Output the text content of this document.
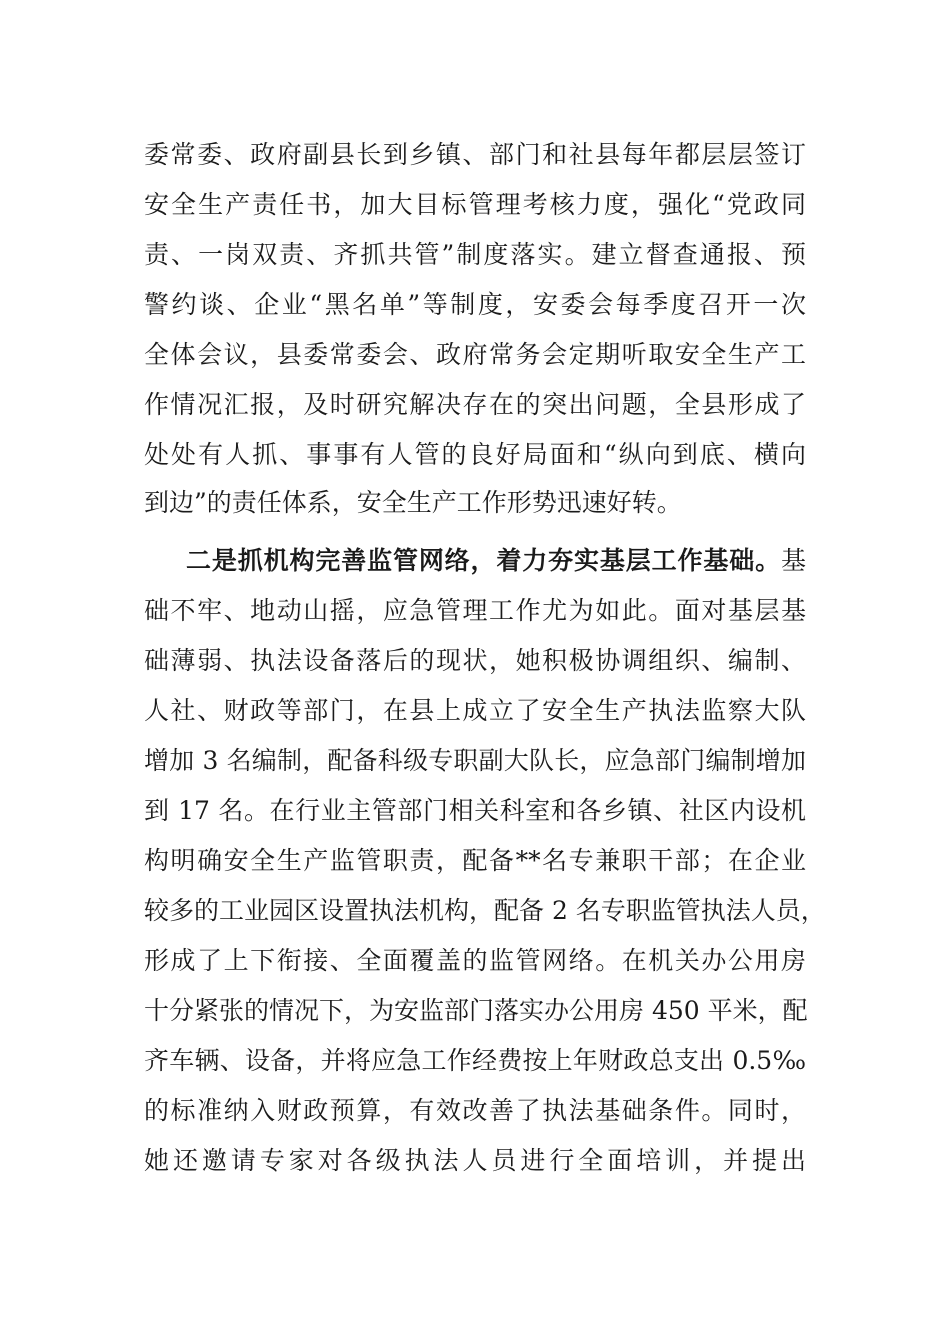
委常委、政府副县长到乡镇、部门和社县每年都层层签订
安全生产责任书，加大目标管理考核力度，强化“党政同
责、一岗双责、齐抓共管”制度落实。建立督查通报、预
警约谈、企业“黑名单”等制度，安委会每季度召开一次
全体会议，县委常委会、政府常务会定期听取安全生产工
作情况汇报，及时研究解决存在的突出问题，全县形成了
处处有人抓、事事有人管的良好局面和“纵向到底、横向
到边”的责任体系，安全生产工作形势迅速好转。
二是抓机构完善监管网络，着力夯实基层工作基础。基
础不牢、地动山摇，应急管理工作尤为如此。面对基层基
础薄弱、执法设备落后的现状，她积极协调组织、编制、
人社、财政等部门，在县上成立了安全生产执法监察大队
增加 3 名编制，配备科级专职副大队长，应急部门编制增加
到 17 名。在行业主管部门相关科室和各乡镇、社区内设机
构明确安全生产监管职责，配备**名专兼职干部；在企业
较多的工业园区设置执法机构，配备 2 名专职监管执法人员，
形成了上下衔接、全面覆盖的监管网络。在机关办公用房
十分紧张的情况下，为安监部门落实办公用房 450 平米，配
齐车辆、设备，并将应急工作经费按上年财政总支出 0.5‰
的标准纳入财政预算，有效改善了执法基础条件。同时，
她还邀请专家对各级执法人员进行全面培训，并提出
